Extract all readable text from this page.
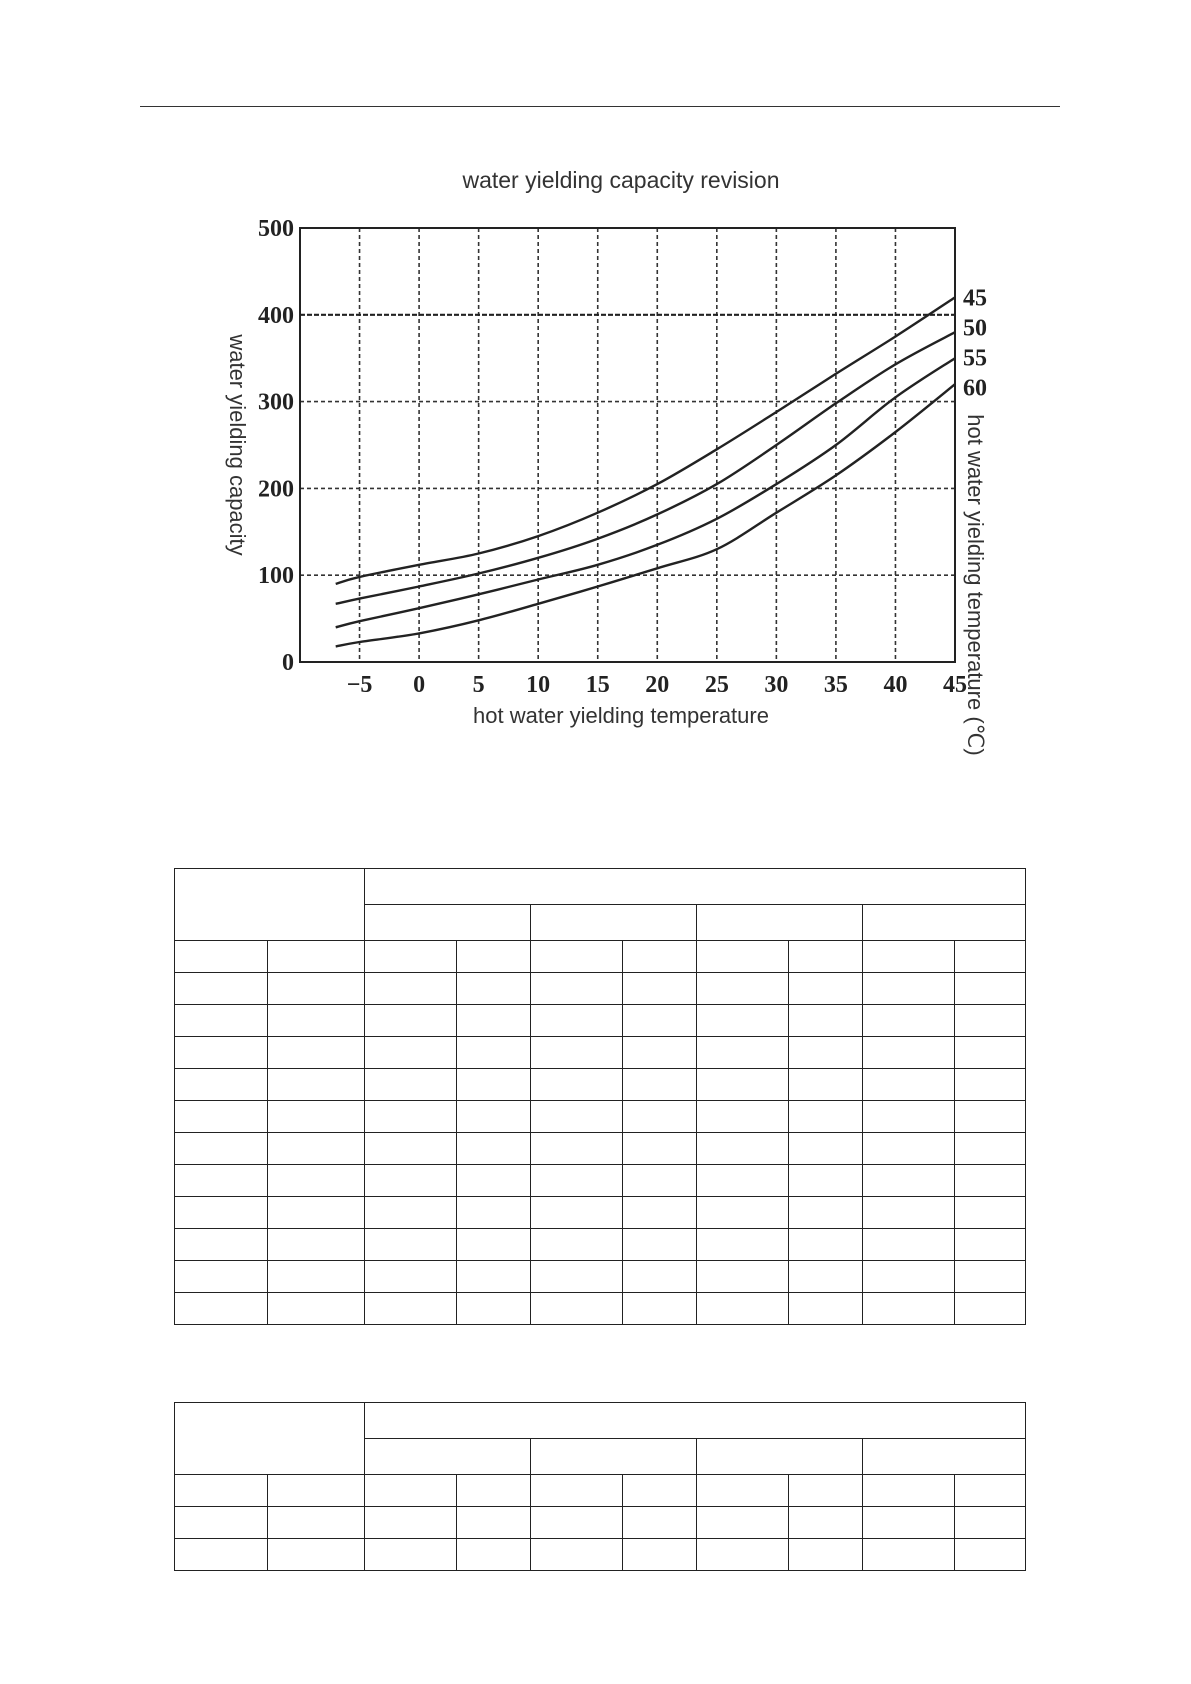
water yielding capacity revision
water yielding capacity	hot water yielding temperature (℃)
hot water yielding temperature
−5 0 5 10 15 20 25 30 35 40 45
0
100
200
300
400
500
45
50
55
60
